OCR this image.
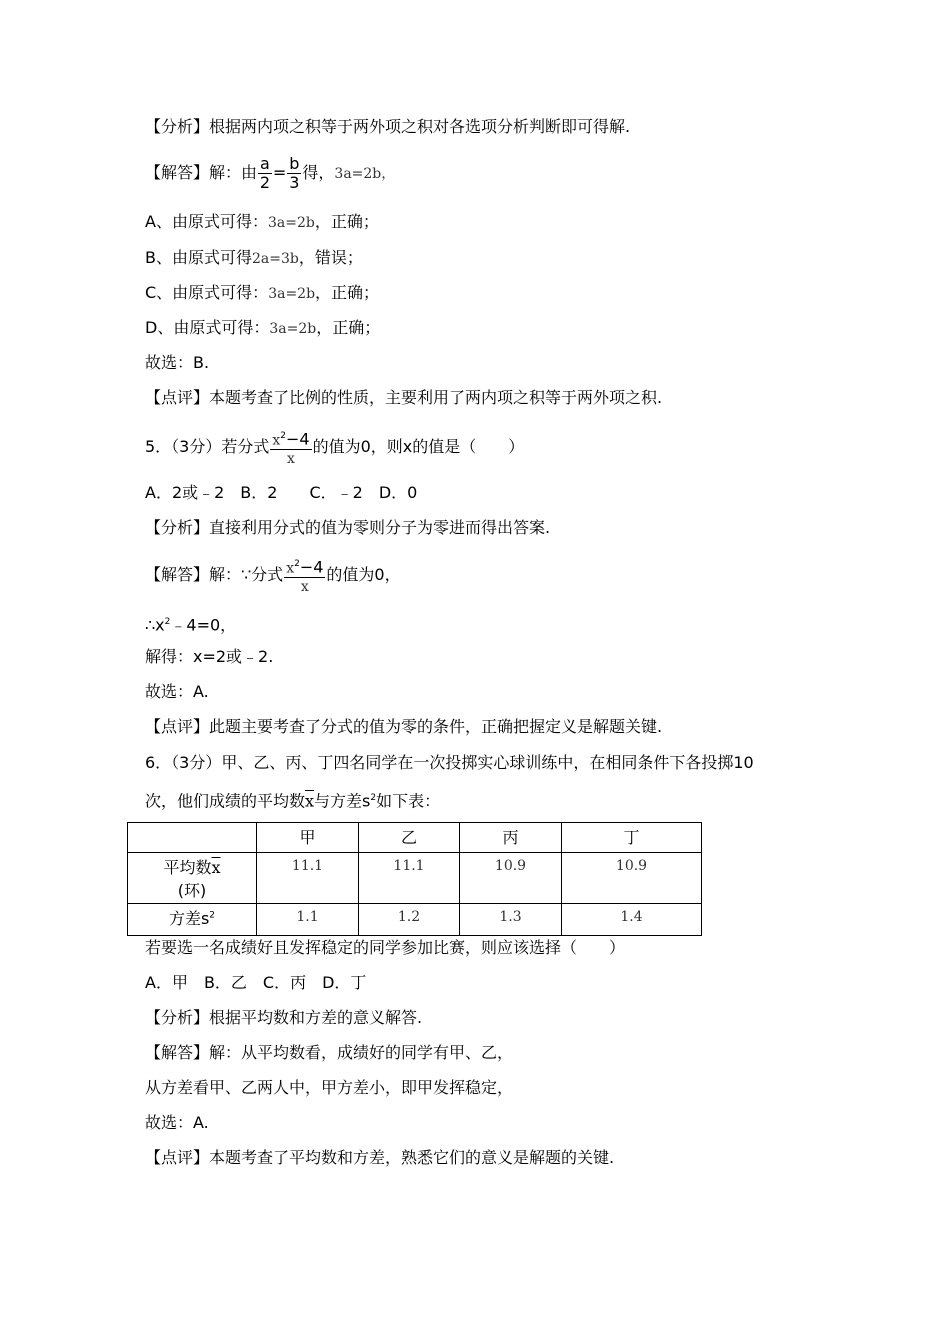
【分析】根据两内项之积等于两外项之积对各选项分析判断即可得解.
【解答】解：由 $\frac{a}{2} = \frac{b}{3}$ 得，3a=2b，
A、由原式可得：3a=2b，正确；
B、由原式可得2a=3b，错误；
C、由原式可得：3a=2b，正确；
D、由原式可得：3a=2b，正确；
故选：B.
【点评】本题考查了比例的性质，主要利用了两内项之积等于两外项之积.
5．（3分）若分式 $\frac{x^2-4}{x}$ 的值为0，则x的值是（　　）
A．2或﹣2　B．2　　C．﹣2　D．0
【分析】直接利用分式的值为零则分子为零进而得出答案.
【解答】解：∵分式 $\frac{x^2-4}{x}$ 的值为0，
$\therefore x^2﹣4=0$，
解得：x=2或﹣2.
故选：A.
【点评】此题主要考查了分式的值为零的条件，正确把握定义是解题关键.
6．（3分）甲、乙、丙、丁四名同学在一次投掷实心球训练中，在相同条件下各投掷10
次，他们成绩的平均数$\overline{x}$与方差$s^2$如下表：
	甲	乙	丙	丁
平均数$\overline{x}$
(环)	11.1	11.1	10.9	10.9
方差$s^2$	1.1	1.2	1.3	1.4
若要选一名成绩好且发挥稳定的同学参加比赛，则应该选择（　　）
A．甲　B．乙　C．丙　D．丁
【分析】根据平均数和方差的意义解答.
【解答】解：从平均数看，成绩好的同学有甲、乙，
从方差看甲、乙两人中，甲方差小，即甲发挥稳定，
故选：A.
【点评】本题考查了平均数和方差，熟悉它们的意义是解题的关键.
